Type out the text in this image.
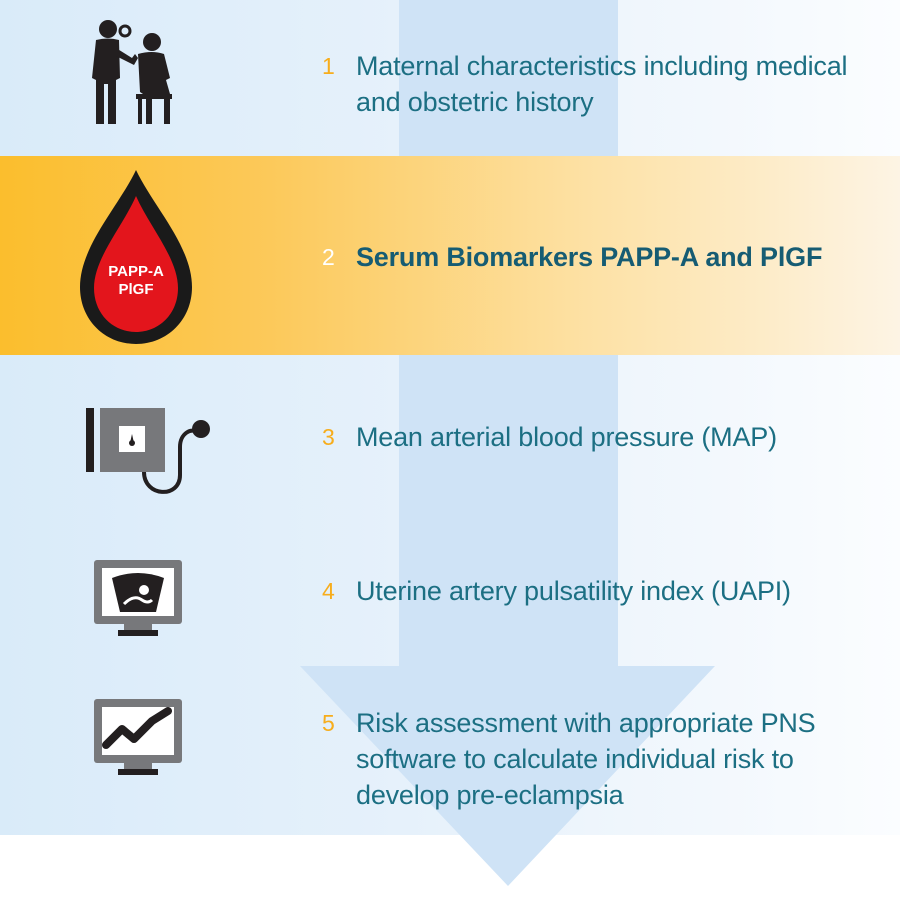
1 Maternal characteristics including medical and obstetric history
PAPP-A
PlGF
2 Serum Biomarkers PAPP-A and PlGF
3 Mean arterial blood pressure (MAP)
4 Uterine artery pulsatility index (UAPI)
5 Risk assessment with appropriate PNS software to calculate individual risk to develop pre-eclampsia
